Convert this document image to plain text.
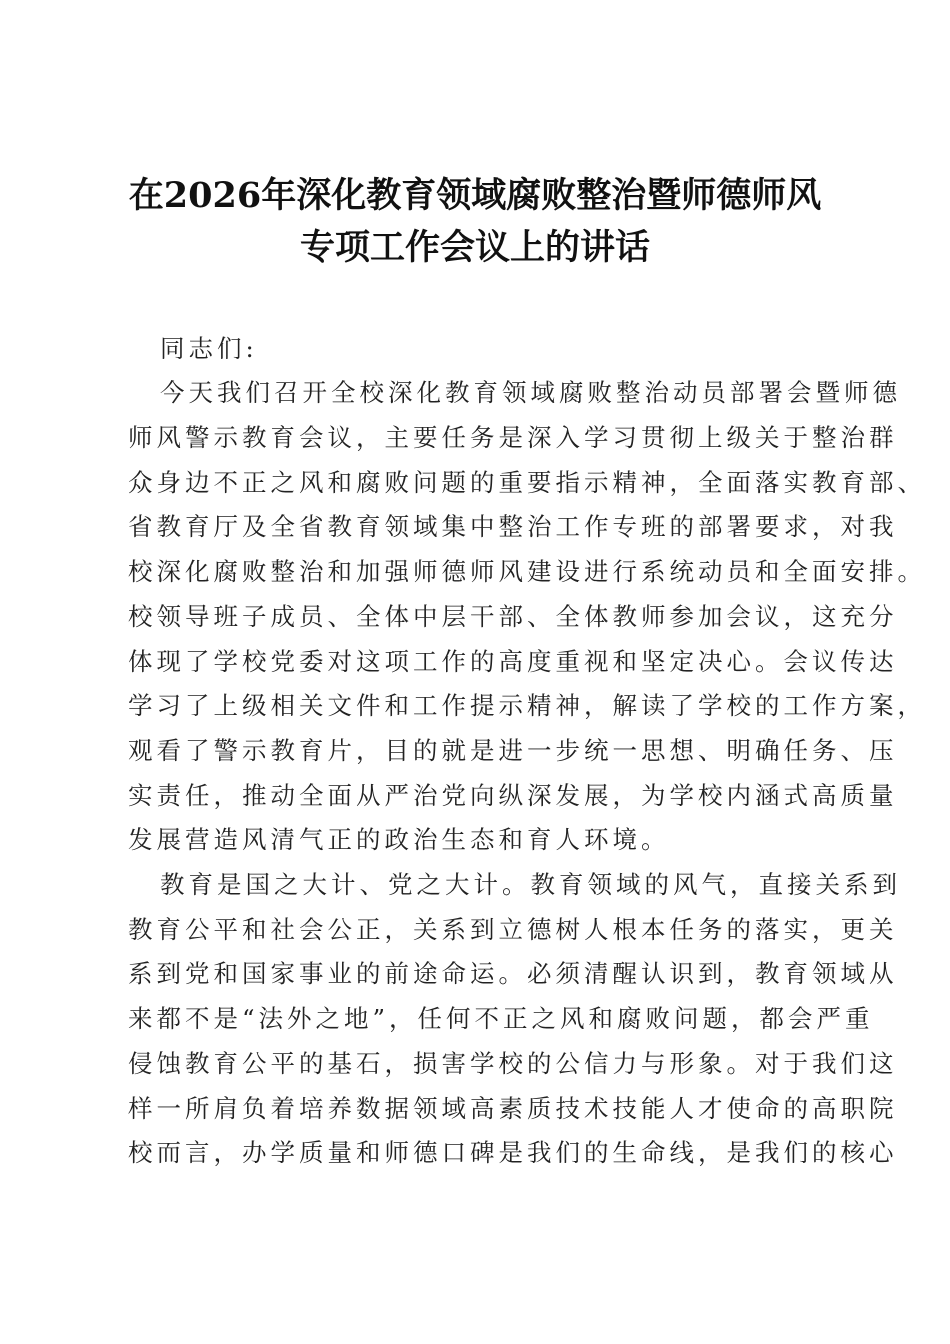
在2026年深化教育领域腐败整治暨师德师风
专项工作会议上的讲话
同志们:
今天我们召开全校深化教育领域腐败整治动员部署会暨师德
师风警示教育会议，主要任务是深入学习贯彻上级关于整治群
众身边不正之风和腐败问题的重要指示精神，全面落实教育部、
省教育厅及全省教育领域集中整治工作专班的部署要求，对我
校深化腐败整治和加强师德师风建设进行系统动员和全面安排。
校领导班子成员、全体中层干部、全体教师参加会议，这充分
体现了学校党委对这项工作的高度重视和坚定决心。会议传达
学习了上级相关文件和工作提示精神，解读了学校的工作方案，
观看了警示教育片，目的就是进一步统一思想、明确任务、压
实责任，推动全面从严治党向纵深发展，为学校内涵式高质量
发展营造风清气正的政治生态和育人环境。
教育是国之大计、党之大计。教育领域的风气，直接关系到
教育公平和社会公正，关系到立德树人根本任务的落实，更关
系到党和国家事业的前途命运。必须清醒认识到，教育领域从
来都不是“法外之地”，任何不正之风和腐败问题，都会严重
侵蚀教育公平的基石，损害学校的公信力与形象。对于我们这
样一所肩负着培养数据领域高素质技术技能人才使命的高职院
校而言，办学质量和师德口碑是我们的生命线，是我们的核心
